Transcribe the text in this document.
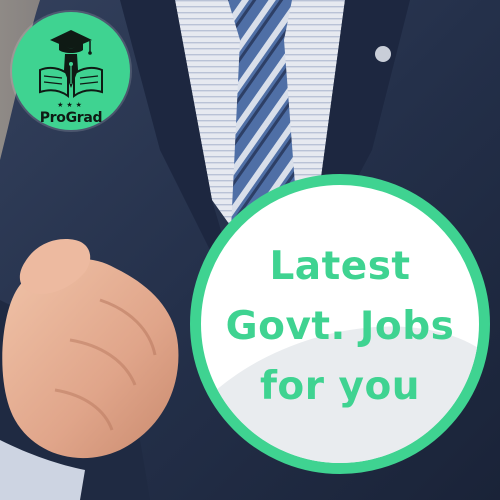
★★★
ProGrad
Latest
Govt. Jobs
for you
